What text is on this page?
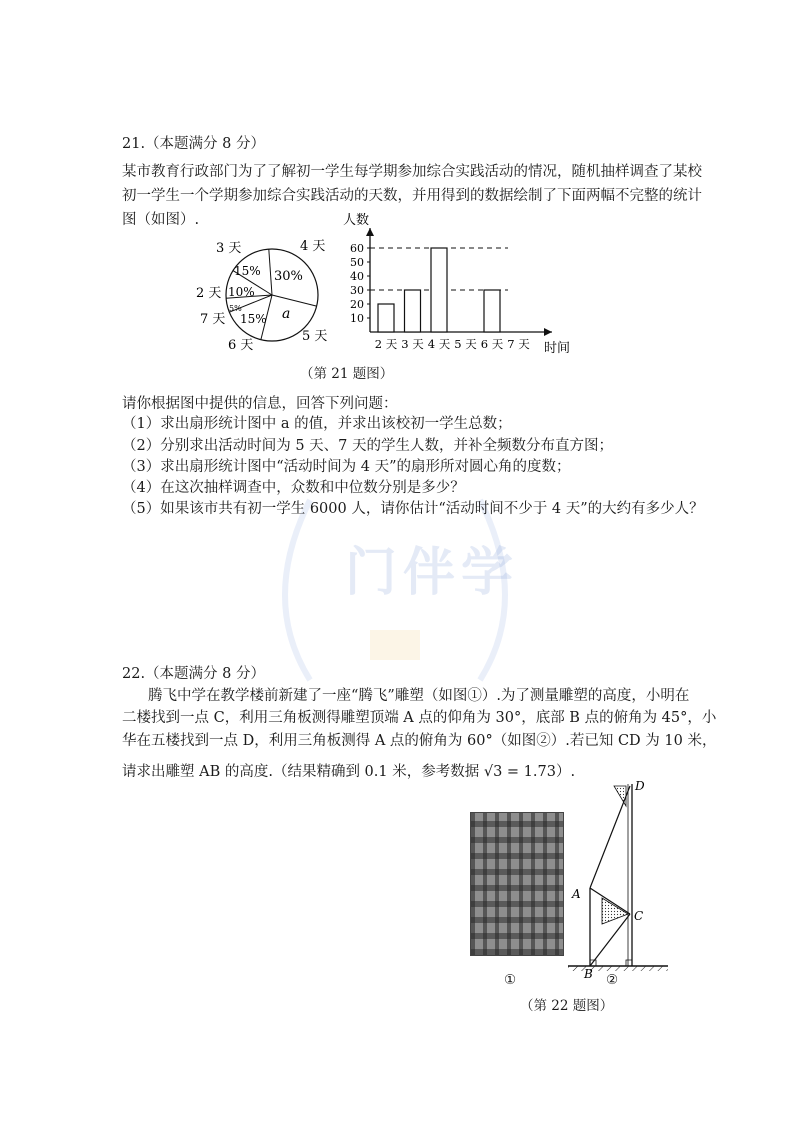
门伴学
21.（本题满分 8 分）
某市教育行政部门为了了解初一学生每学期参加综合实践活动的情况，随机抽样调查了某校
初一学生一个学期参加综合实践活动的天数，并用得到的数据绘制了下面两幅不完整的统计
图（如图）.
3 天	4 天
5 天
6 天
7 天
2 天
15% 30%
a
15%
5%
10%
10
20
30
40
50
60
2 天 3 天 4 天 5 天 6 天 7 天
人数
时间
（第 21 题图）
请你根据图中提供的信息，回答下列问题：
（1）求出扇形统计图中 a 的值，并求出该校初一学生总数；
（2）分别求出活动时间为 5 天、7 天的学生人数，并补全频数分布直方图；
（3）求出扇形统计图中“活动时间为 4 天”的扇形所对圆心角的度数；
（4）在这次抽样调查中，众数和中位数分别是多少？
（5）如果该市共有初一学生 6000 人，请你估计“活动时间不少于 4 天”的大约有多少人？
22.（本题满分 8 分）
腾飞中学在教学楼前新建了一座“腾飞”雕塑（如图①）.为了测量雕塑的高度，小明在
二楼找到一点 C，利用三角板测得雕塑顶端 A 点的仰角为 30°，底部 B 点的俯角为 45°，小
华在五楼找到一点 D，利用三角板测得 A 点的俯角为 60°（如图②）.若已知 CD 为 10 米，
请求出雕塑 AB 的高度.（结果精确到 0.1 米，参考数据 √3 = 1.73）.
①
D
A
C
B ②
（第 22 题图）
